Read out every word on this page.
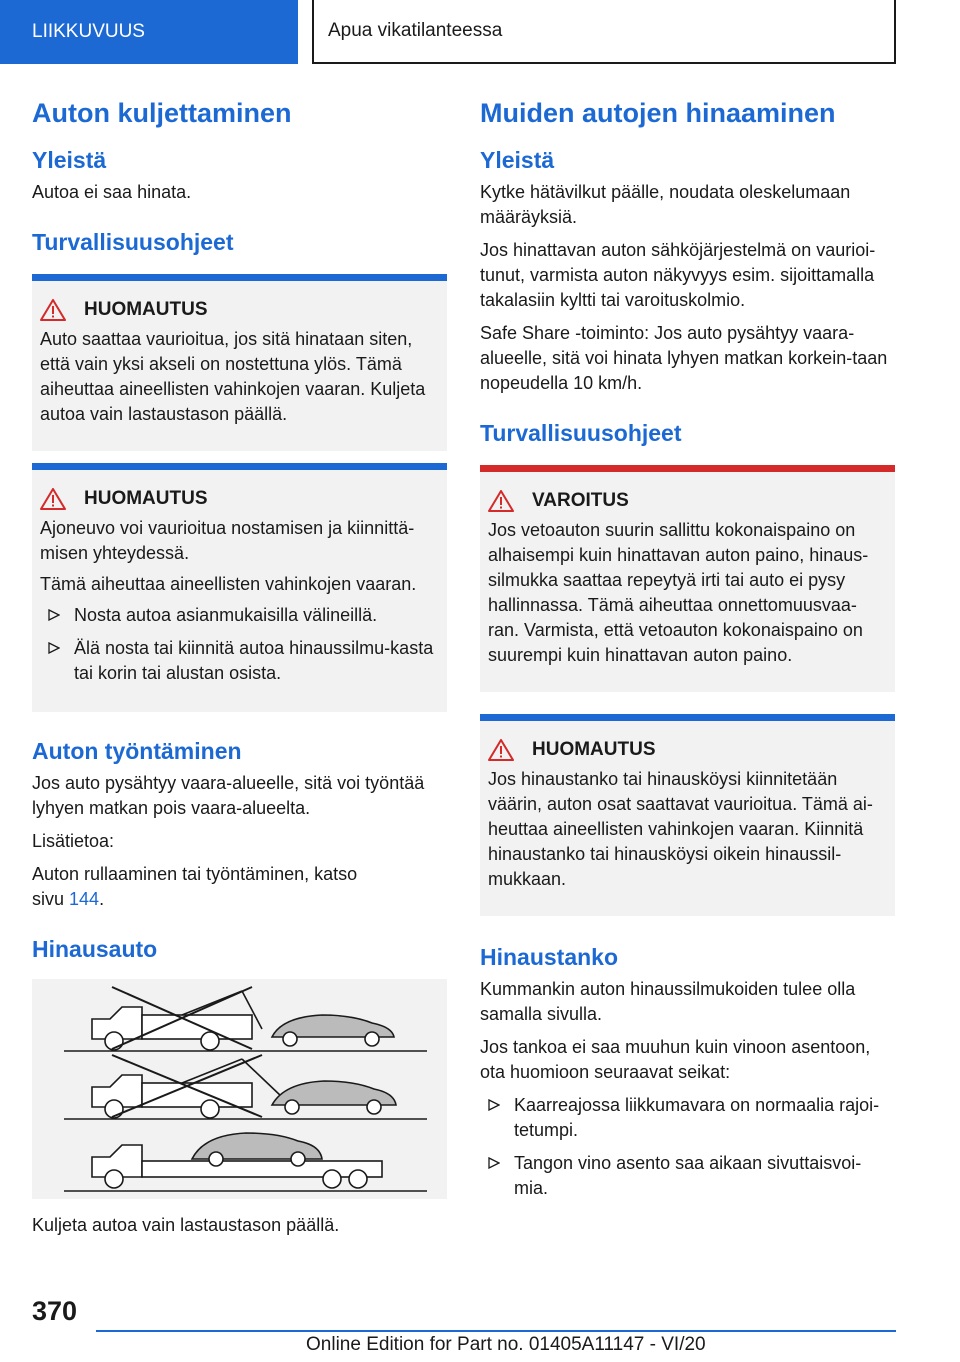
LIIKKUVUUS	Apua vikatilanteessa
Auton kuljettaminen
Yleistä

Autoa ei saa hinata.

Turvallisuusohjeet
HUOMAUTUS

Auto saattaa vaurioitua, jos sitä hinataan siten, että vain yksi akseli on nostettuna ylös. Tämä aiheuttaa aineellisten vahinkojen vaaran. Kuljeta autoa vain lastaustason päällä.

HUOMAUTUS

Ajoneuvo voi vaurioitua nostamisen ja kiinnittä-misen yhteydessä.

Tämä aiheuttaa aineellisten vahinkojen vaaran.

Nosta autoa asianmukaisilla välineillä.
Älä nosta tai kiinnitä autoa hinaussilmu-kasta tai korin tai alustan osista.
Auton työntäminen

Jos auto pysähtyy vaara-alueelle, sitä voi työntää lyhyen matkan pois vaara-alueelta.

Lisätietoa:

Auton rullaaminen tai työntäminen, katso sivu 144.

Hinausauto

Kuljeta autoa vain lastaustason päällä.

Muiden autojen hinaaminen
Yleistä

Kytke hätävilkut päälle, noudata oleskelumaan määräyksiä.

Jos hinattavan auton sähköjärjestelmä on vaurioi-tunut, varmista auton näkyvyys esim. sijoittamalla takalasiin kyltti tai varoituskolmio.

Safe Share -toiminto: Jos auto pysähtyy vaara-alueelle, sitä voi hinata lyhyen matkan korkein-taan nopeudella 10 km/h.

Turvallisuusohjeet
VAROITUS

Jos vetoauton suurin sallittu kokonaispaino on alhaisempi kuin hinattavan auton paino, hinaus-silmukka saattaa repeytyä irti tai auto ei pysy hallinnassa. Tämä aiheuttaa onnettomuusvaa-ran. Varmista, että vetoauton kokonaispaino on suurempi kuin hinattavan auton paino.

HUOMAUTUS

Jos hinaustanko tai hinausköysi kiinnitetään väärin, auton osat saattavat vaurioitua. Tämä ai-heuttaa aineellisten vahinkojen vaaran. Kiinnitä hinaustanko tai hinausköysi oikein hinaussil-mukkaan.

Hinaustanko

Kummankin auton hinaussilmukoiden tulee olla samalla sivulla.

Jos tankoa ei saa muuhun kuin vinoon asentoon, ota huomioon seuraavat seikat:

Kaarreajossa liikkumavara on normaalia rajoi-tetumpi.
Tangon vino asento saa aikaan sivuttaisvoi-mia.
370
Online Edition for Part no. 01405A11147 - VI/20
